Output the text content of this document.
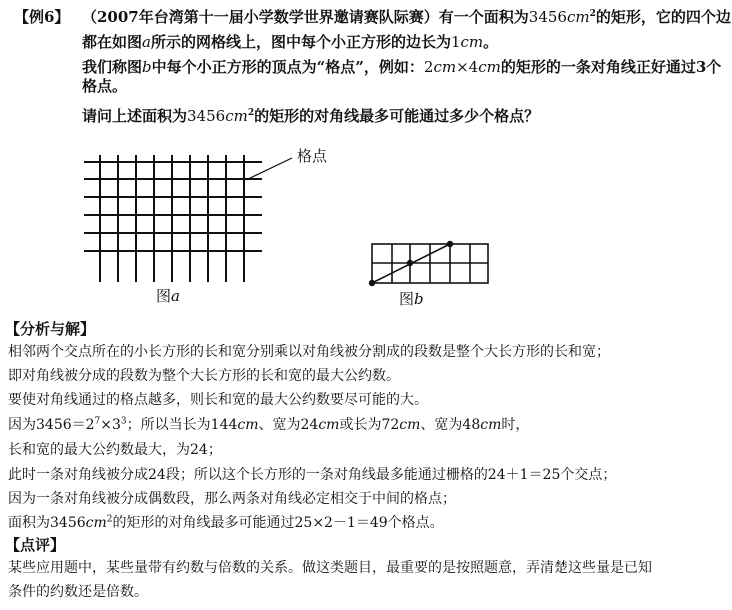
【例6】 （2007年台湾第十一届小学数学世界邀请赛队际赛）有一个面积为$3456cm^2$的矩形，它的四个边
都在如图a所示的网格线上，图中每个小正方形的边长为1cm。
我们称图b中每个小正方形的顶点为“格点”，例如：2cm×4cm的矩形的一条对角线正好通过3个
格点。
请问上述面积为$3456cm^2$的矩形的对角线最多可能通过多少个格点？
格点
图a	图b
【分析与解】
相邻两个交点所在的小长方形的长和宽分别乘以对角线被分割成的段数是整个大长方形的长和宽；
即对角线被分成的段数为整个大长方形的长和宽的最大公约数。
要使对角线通过的格点越多，则长和宽的最大公约数要尽可能的大。
因为$3456=2^7\times 3^3$；所以当长为144cm、宽为24cm或长为72cm、宽为48cm时，
长和宽的最大公约数最大，为24；
此时一条对角线被分成24段；所以这个长方形的一条对角线最多能通过栅格的24＋1＝25个交点；
因为一条对角线被分成偶数段，那么两条对角线必定相交于中间的格点；
面积为$3456cm^2$的矩形的对角线最多可能通过25×2－1＝49个格点。
【点评】
某些应用题中，某些量带有约数与倍数的关系。做这类题目，最重要的是按照题意，弄清楚这些量是已知
条件的约数还是倍数。
